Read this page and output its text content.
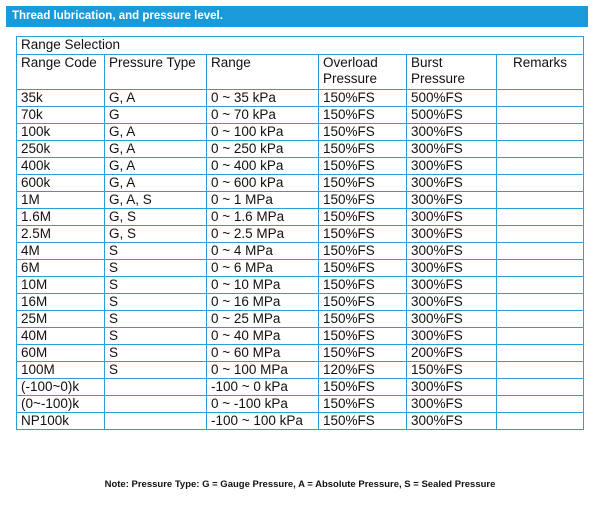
Thread lubrication, and pressure level.
Range Selection					
Range Code	Pressure Type	Range	Overload Pressure	Burst Pressure	Remarks
35k	G, A	0 ~ 35 kPa	150%FS	500%FS	
70k	G	0 ~ 70 kPa	150%FS	500%FS	
100k	G, A	0 ~ 100 kPa	150%FS	300%FS	
250k	G, A	0 ~ 250 kPa	150%FS	300%FS	
400k	G, A	0 ~ 400 kPa	150%FS	300%FS	
600k	G, A	0 ~ 600 kPa	150%FS	300%FS	
1M	G, A, S	0 ~ 1 MPa	150%FS	300%FS	
1.6M	G, S	0 ~ 1.6 MPa	150%FS	300%FS	
2.5M	G, S	0 ~ 2.5 MPa	150%FS	300%FS	
4M	S	0 ~ 4 MPa	150%FS	300%FS	
6M	S	0 ~ 6 MPa	150%FS	300%FS	
10M	S	0 ~ 10 MPa	150%FS	300%FS	
16M	S	0 ~ 16 MPa	150%FS	300%FS	
25M	S	0 ~ 25 MPa	150%FS	300%FS	
40M	S	0 ~ 40 MPa	150%FS	300%FS	
60M	S	0 ~ 60 MPa	150%FS	200%FS	
100M	S	0 ~ 100 MPa	120%FS	150%FS	
(-100~0)k		-100 ~ 0 kPa	150%FS	300%FS	
(0~-100)k		0 ~ -100 kPa	150%FS	300%FS	
NP100k		-100 ~ 100 kPa	150%FS	300%FS	
Note: Pressure Type: G = Gauge Pressure, A = Absolute Pressure, S = Sealed Pressure
